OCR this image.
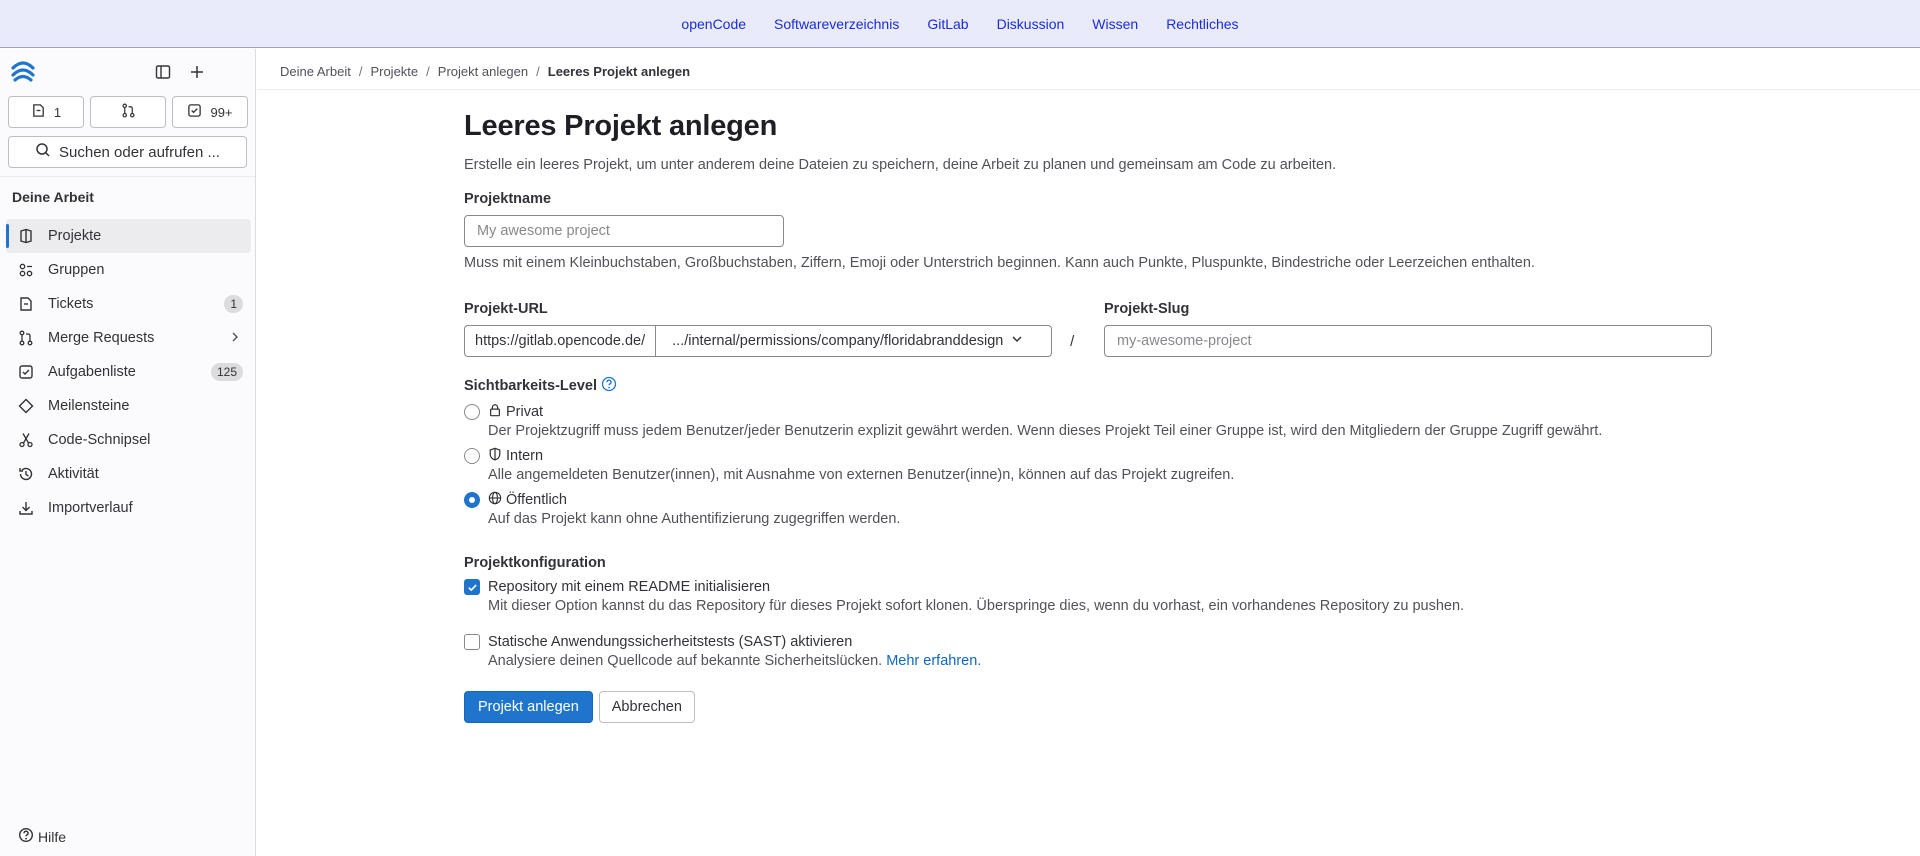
openCode	Softwareverzeichnis	GitLab	Diskussion	Wissen	Rechtliches
1	99+
Suchen oder aufrufen ...
Deine Arbeit
Projekte
Gruppen
Tickets	1
Merge Requests
Aufgabenliste	125
Meilensteine
Code-Schnipsel
Aktivität
Importverlauf
Hilfe
Deine Arbeit / Projekte / Projekt anlegen / Leeres Projekt anlegen
Leeres Projekt anlegen
Erstelle ein leeres Projekt, um unter anderem deine Dateien zu speichern, deine Arbeit zu planen und gemeinsam am Code zu arbeiten.
Projektname
My awesome project
Muss mit einem Kleinbuchstaben, Großbuchstaben, Ziffern, Emoji oder Unterstrich beginnen. Kann auch Punkte, Pluspunkte, Bindestriche oder Leerzeichen enthalten.
Projekt-URL
https://gitlab.opencode.de/	.../internal/permissions/company/floridabranddesign	/
Projekt-Slug
my-awesome-project
Sichtbarkeits-Level
Privat
Der Projektzugriff muss jedem Benutzer/jeder Benutzerin explizit gewährt werden. Wenn dieses Projekt Teil einer Gruppe ist, wird den Mitgliedern der Gruppe Zugriff gewährt.
Intern
Alle angemeldeten Benutzer(innen), mit Ausnahme von externen Benutzer(inne)n, können auf das Projekt zugreifen.
Öffentlich
Auf das Projekt kann ohne Authentifizierung zugegriffen werden.
Projektkonfiguration
Repository mit einem README initialisieren
Mit dieser Option kannst du das Repository für dieses Projekt sofort klonen. Überspringe dies, wenn du vorhast, ein vorhandenes Repository zu pushen.
Statische Anwendungssicherheitstests (SAST) aktivieren
Analysiere deinen Quellcode auf bekannte Sicherheitslücken. Mehr erfahren.
Projekt anlegen	Abbrechen
